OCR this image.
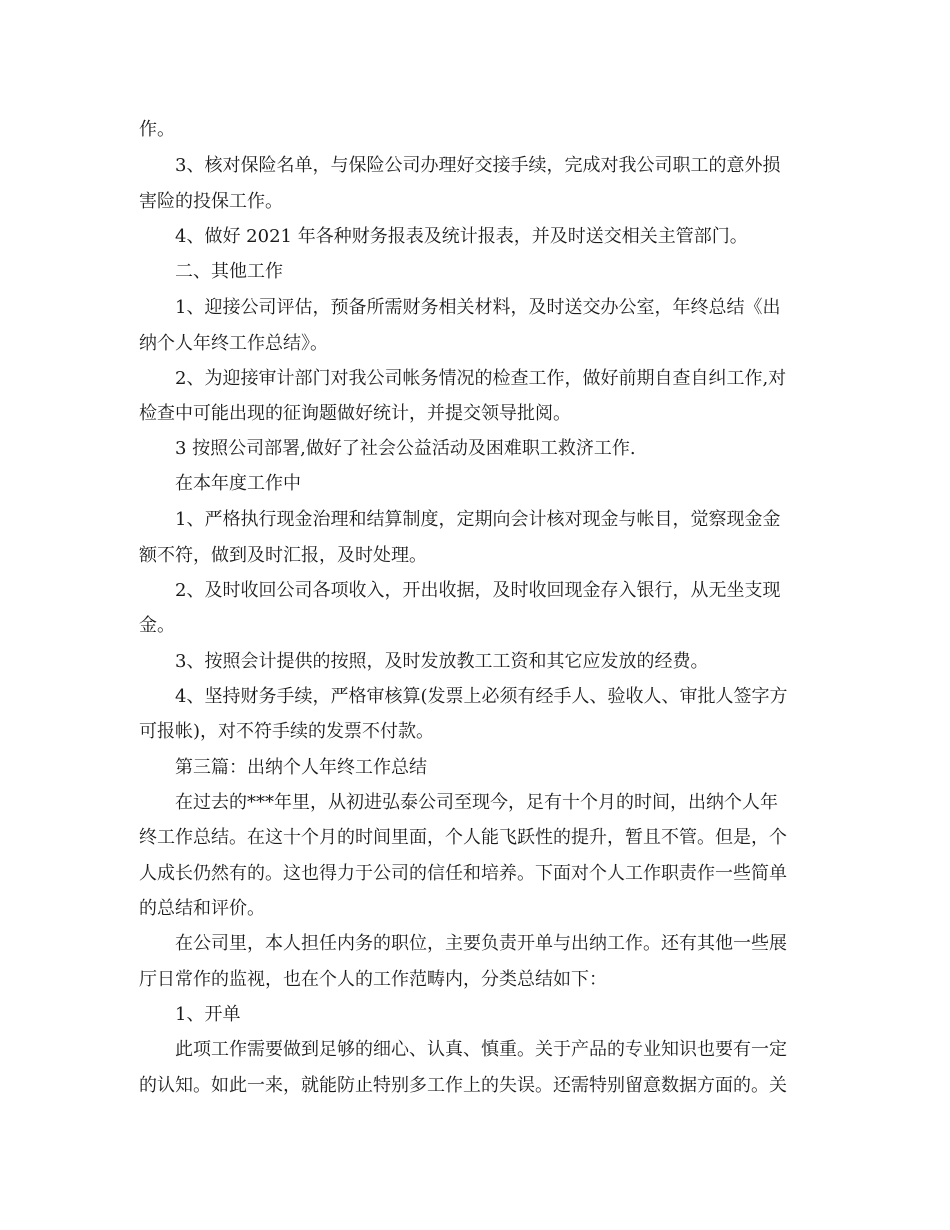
作。
3、核对保险名单，与保险公司办理好交接手续，完成对我公司职工的意外损
害险的投保工作。
4、做好 2021 年各种财务报表及统计报表，并及时送交相关主管部门。
二、其他工作
1、迎接公司评估，预备所需财务相关材料，及时送交办公室，年终总结《出
纳个人年终工作总结》。
2、为迎接审计部门对我公司帐务情况的检查工作，做好前期自查自纠工作,对
检查中可能出现的征询题做好统计，并提交领导批阅。
3 按照公司部署,做好了社会公益活动及困难职工救济工作.
在本年度工作中
1、严格执行现金治理和结算制度，定期向会计核对现金与帐目，觉察现金金
额不符，做到及时汇报，及时处理。
2、及时收回公司各项收入，开出收据，及时收回现金存入银行，从无坐支现
金。
3、按照会计提供的按照，及时发放教工工资和其它应发放的经费。
4、坚持财务手续，严格审核算(发票上必须有经手人、验收人、审批人签字方
可报帐)，对不符手续的发票不付款。
第三篇：出纳个人年终工作总结
在过去的***年里，从初进弘泰公司至现今，足有十个月的时间，出纳个人年
终工作总结。在这十个月的时间里面，个人能飞跃性的提升，暂且不管。但是，个
人成长仍然有的。这也得力于公司的信任和培养。下面对个人工作职责作一些简单
的总结和评价。
在公司里，本人担任内务的职位，主要负责开单与出纳工作。还有其他一些展
厅日常作的监视，也在个人的工作范畴内，分类总结如下：
1、开单
此项工作需要做到足够的细心、认真、慎重。关于产品的专业知识也要有一定
的认知。如此一来，就能防止特别多工作上的失误。还需特别留意数据方面的。关
